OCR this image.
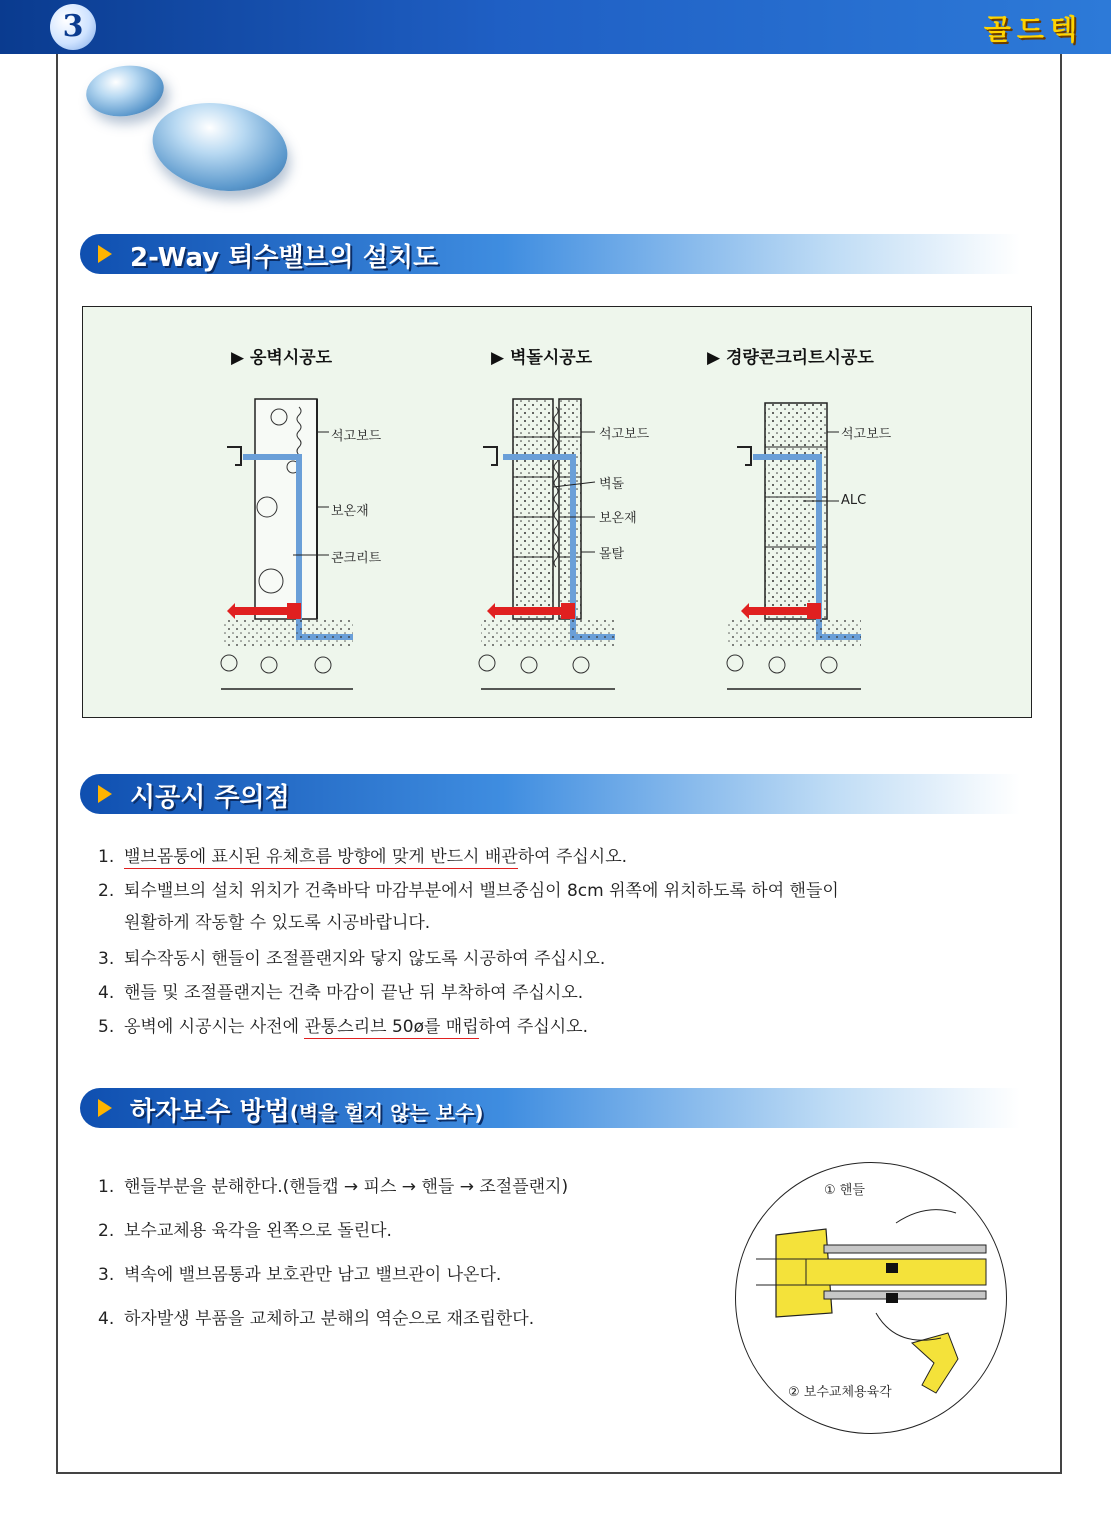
3	골드텍
2-Way 퇴수밸브의 설치도
▶ 옹벽시공도	▶ 벽돌시공도	▶ 경량콘크리트시공도
석고보드
보온재
콘크리트
석고보드
벽돌
보온재
몰탈
석고보드
ALC
시공시 주의점
1. 밸브몸통에 표시된 유체흐름 방향에 맞게 반드시 배관하여 주십시오.
2. 퇴수밸브의 설치 위치가 건축바닥 마감부분에서 밸브중심이 8cm 위쪽에 위치하도록 하여 핸들이
원활하게 작동할 수 있도록 시공바랍니다.
3. 퇴수작동시 핸들이 조절플랜지와 닿지 않도록 시공하여 주십시오.
4. 핸들 및 조절플랜지는 건축 마감이 끝난 뒤 부착하여 주십시오.
5. 옹벽에 시공시는 사전에 관통스리브 50ø를 매립하여 주십시오.
하자보수 방법(벽을 헐지 않는 보수)
1. 핸들부분을 분해한다.(핸들캡 → 피스 → 핸들 → 조절플랜지)
2. 보수교체용 육각을 왼쪽으로 돌린다.
3. 벽속에 밸브몸통과 보호관만 남고 밸브관이 나온다.
4. 하자발생 부품을 교체하고 분해의 역순으로 재조립한다.
① 핸들
② 보수교체용육각
